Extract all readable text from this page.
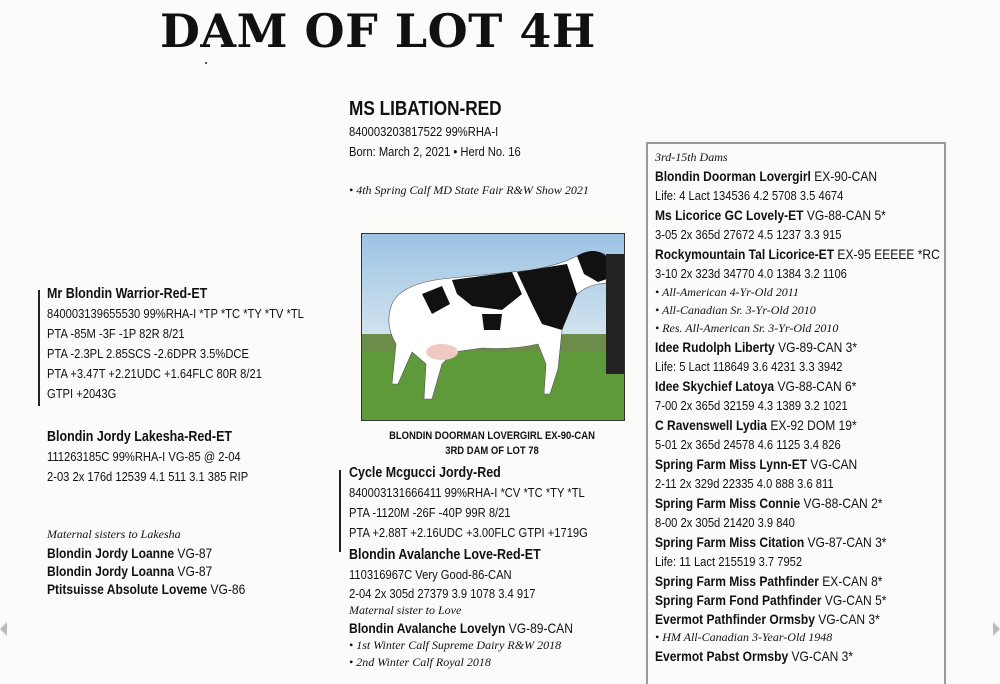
DAM OF LOT 4H
MS LIBATION-RED
840003203817522 99%RHA-I
Born: March 2, 2021 • Herd No. 16
• 4th Spring Calf MD State Fair R&W Show 2021
BLONDIN DOORMAN LOVERGIRL EX-90-CAN
3RD DAM OF LOT 78
Mr Blondin Warrior-Red-ET
840003139655530 99%RHA-I *TP *TC *TY *TV *TL
PTA -85M -3F -1P 82R 8/21
PTA -2.3PL 2.85SCS -2.6DPR 3.5%DCE
PTA +3.47T +2.21UDC +1.64FLC 80R 8/21
GTPI +2043G
Blondin Jordy Lakesha-Red-ET
111263185C 99%RHA-I VG-85 @ 2-04
2-03 2x 176d 12539 4.1 511 3.1 385 RIP
Maternal sisters to Lakesha
Blondin Jordy Loanne VG-87
Blondin Jordy Loanna VG-87
Ptitsuisse Absolute Loveme VG-86
Cycle Mcgucci Jordy-Red
840003131666411 99%RHA-I *CV *TC *TY *TL
PTA -1120M -26F -40P 99R 8/21
PTA +2.88T +2.16UDC +3.00FLC GTPI +1719G
Blondin Avalanche Love-Red-ET
110316967C Very Good-86-CAN
2-04 2x 305d 27379 3.9 1078 3.4 917
Maternal sister to Love
Blondin Avalanche Lovelyn VG-89-CAN
• 1st Winter Calf Supreme Dairy R&W 2018
• 2nd Winter Calf Royal 2018
3rd-15th Dams
Blondin Doorman Lovergirl EX-90-CAN
Life: 4 Lact 134536 4.2 5708 3.5 4674
Ms Licorice GC Lovely-ET VG-88-CAN 5*
3-05 2x 365d 27672 4.5 1237 3.3 915
Rockymountain Tal Licorice-ET EX-95 EEEEE *RC
3-10 2x 323d 34770 4.0 1384 3.2 1106
• All-American 4-Yr-Old 2011
• All-Canadian Sr. 3-Yr-Old 2010
• Res. All-American Sr. 3-Yr-Old 2010
Idee Rudolph Liberty VG-89-CAN 3*
Life: 5 Lact 118649 3.6 4231 3.3 3942
Idee Skychief Latoya VG-88-CAN 6*
7-00 2x 365d 32159 4.3 1389 3.2 1021
C Ravenswell Lydia EX-92 DOM 19*
5-01 2x 365d 24578 4.6 1125 3.4 826
Spring Farm Miss Lynn-ET VG-CAN
2-11 2x 329d 22335 4.0 888 3.6 811
Spring Farm Miss Connie VG-88-CAN 2*
8-00 2x 305d 21420 3.9 840
Spring Farm Miss Citation VG-87-CAN 3*
Life: 11 Lact 215519 3.7 7952
Spring Farm Miss Pathfinder EX-CAN 8*
Spring Farm Fond Pathfinder VG-CAN 5*
Evermot Pathfinder Ormsby VG-CAN 3*
• HM All-Canadian 3-Year-Old 1948
Evermot Pabst Ormsby VG-CAN 3*
